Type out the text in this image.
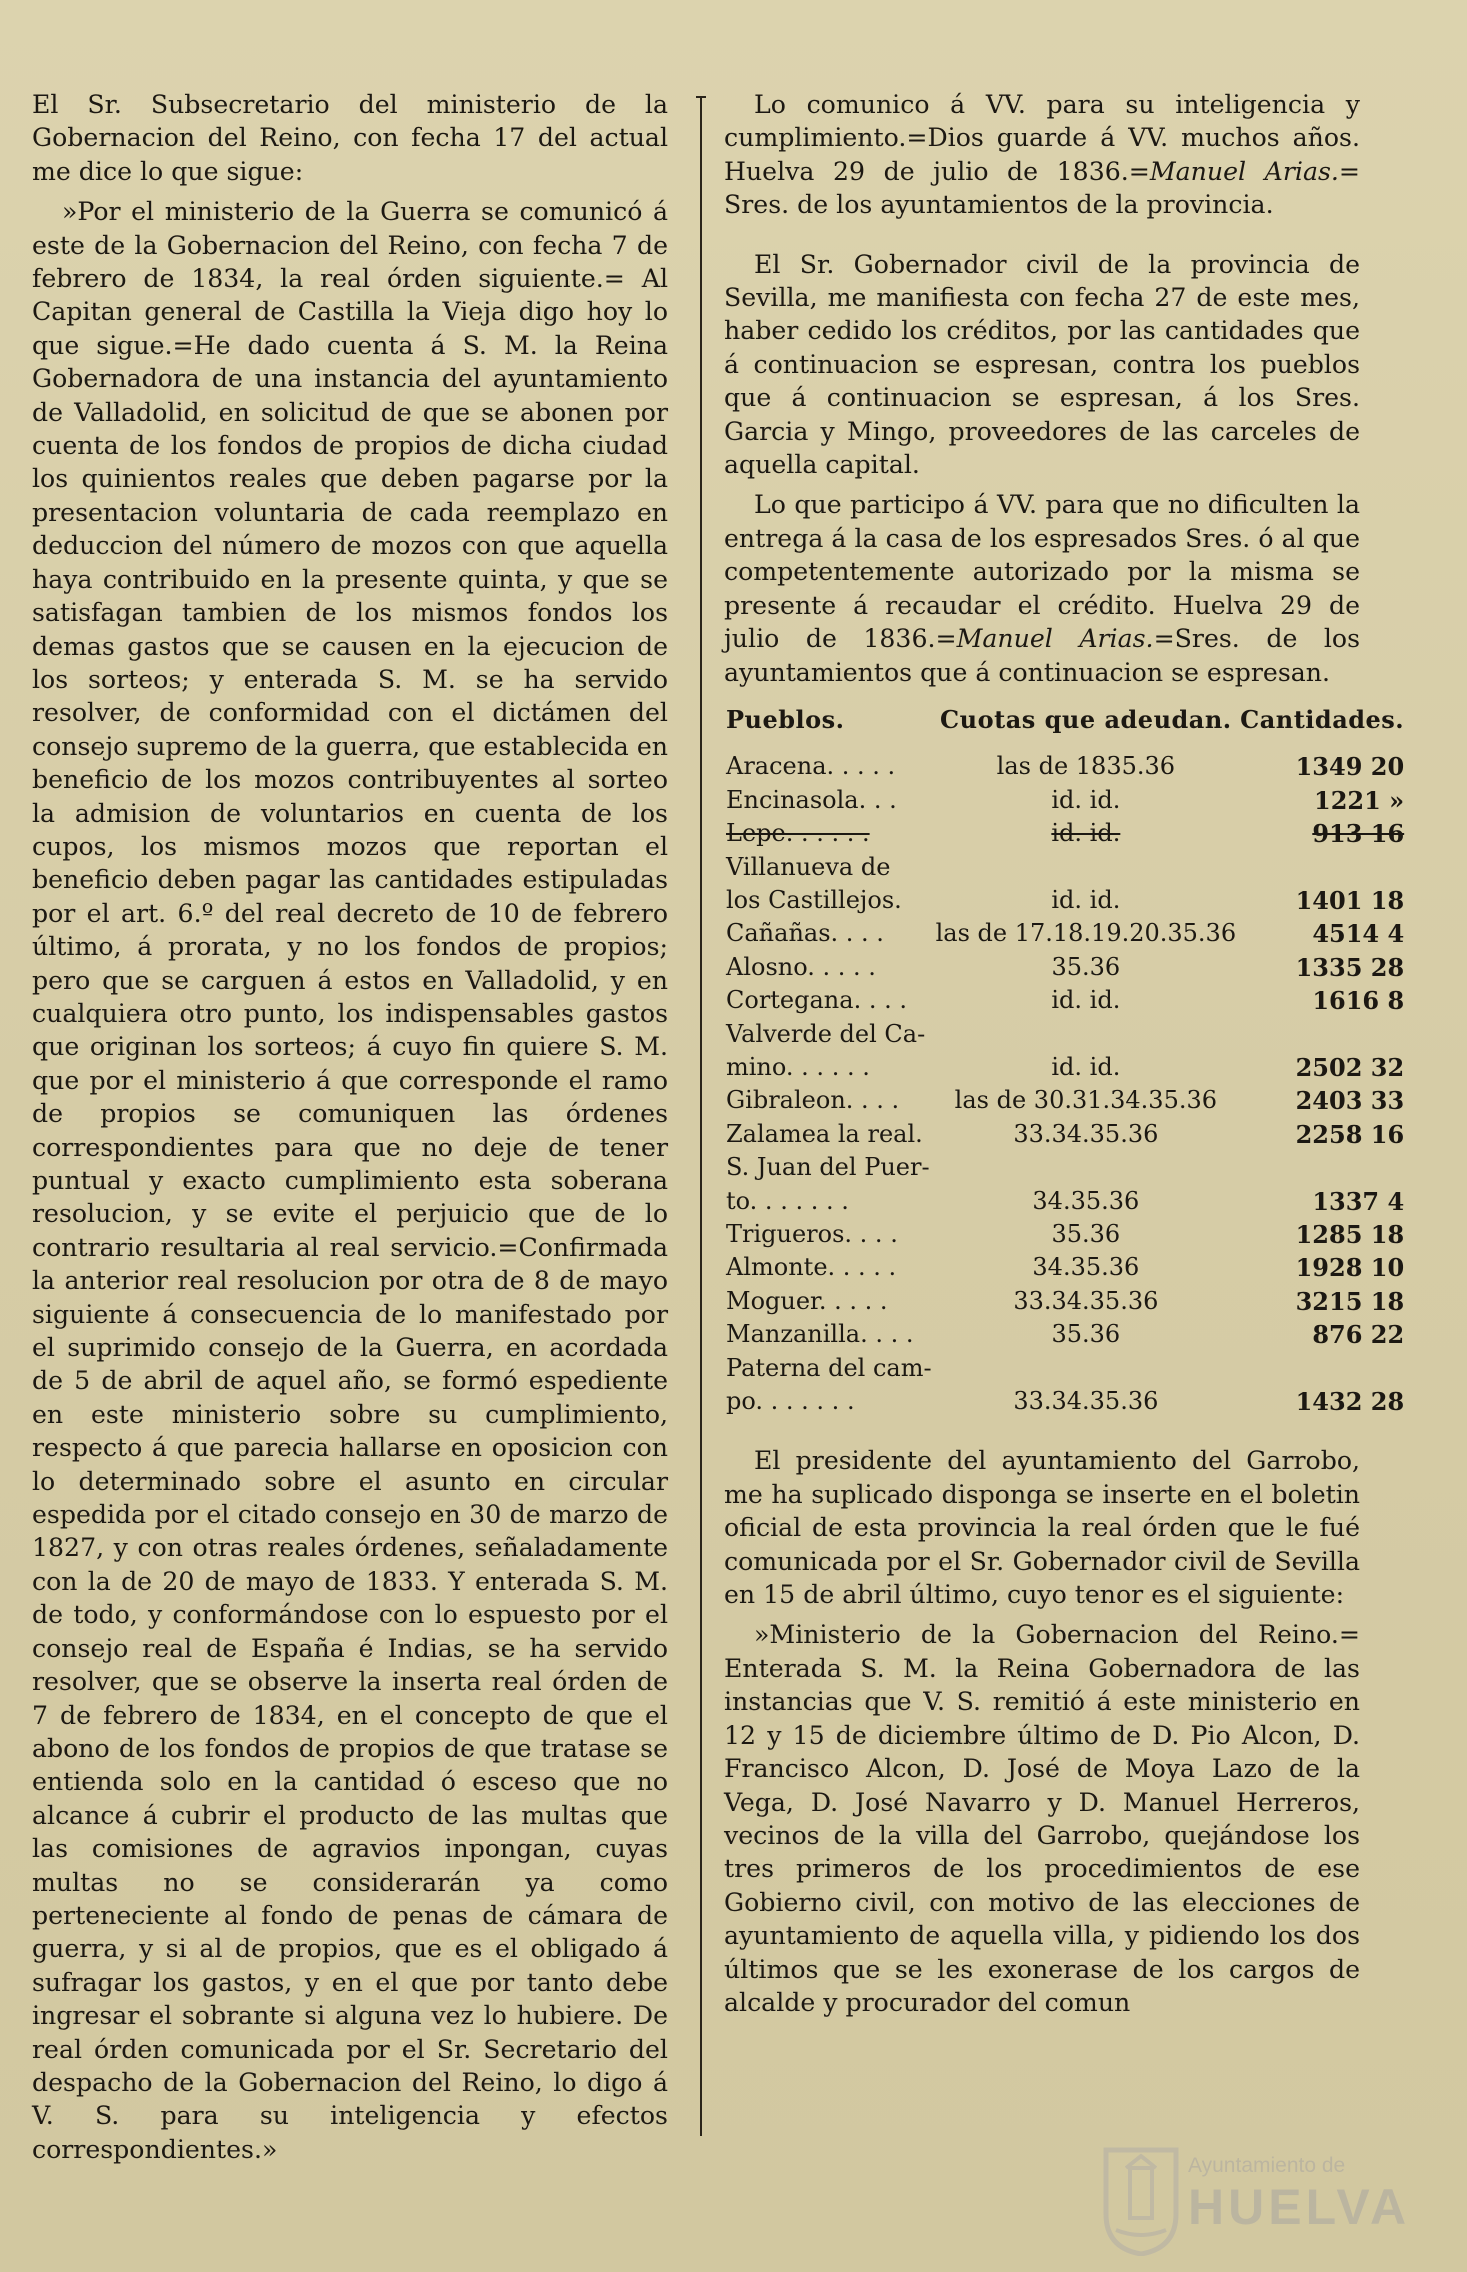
El Sr. Subsecretario del ministerio de la Gobernacion del Reino, con fecha 17 del actual me dice lo que sigue:

»Por el ministerio de la Guerra se comunicó á este de la Gobernacion del Reino, con fecha 7 de febrero de 1834, la real órden siguiente.= Al Capitan general de Castilla la Vieja digo hoy lo que sigue.=He dado cuenta á S. M. la Reina Gobernadora de una instancia del ayuntamiento de Valladolid, en solicitud de que se abonen por cuenta de los fondos de propios de dicha ciudad los quinientos reales que deben pagarse por la presentacion voluntaria de cada reemplazo en deduccion del número de mozos con que aquella haya contribuido en la presente quinta, y que se satisfagan tambien de los mismos fondos los demas gastos que se causen en la ejecucion de los sorteos; y enterada S. M. se ha servido resolver, de conformidad con el dictámen del consejo supremo de la guerra, que establecida en beneficio de los mozos contribuyentes al sorteo la admision de voluntarios en cuenta de los cupos, los mismos mozos que reportan el beneficio deben pagar las cantidades estipuladas por el art. 6.º del real decreto de 10 de febrero último, á prorata, y no los fondos de propios; pero que se carguen á estos en Valladolid, y en cualquiera otro punto, los indispensables gastos que originan los sorteos; á cuyo fin quiere S. M. que por el ministerio á que corresponde el ramo de propios se comuniquen las órdenes correspondientes para que no deje de tener puntual y exacto cumplimiento esta soberana resolucion, y se evite el perjuicio que de lo contrario resultaria al real servicio.=Confirmada la anterior real resolucion por otra de 8 de mayo siguiente á consecuencia de lo manifestado por el suprimido consejo de la Guerra, en acordada de 5 de abril de aquel año, se formó espediente en este ministerio sobre su cumplimiento, respecto á que parecia hallarse en oposicion con lo determinado sobre el asunto en circular espedida por el citado consejo en 30 de marzo de 1827, y con otras reales órdenes, señaladamente con la de 20 de mayo de 1833. Y enterada S. M. de todo, y conformándose con lo espuesto por el consejo real de España é Indias, se ha servido resolver, que se observe la inserta real órden de 7 de febrero de 1834, en el concepto de que el abono de los fondos de propios de que tratase se entienda solo en la cantidad ó esceso que no alcance á cubrir el producto de las multas que las comisiones de agravios inpongan, cuyas multas no se considerarán ya como perteneciente al fondo de penas de cámara de guerra, y si al de propios, que es el obligado á sufragar los gastos, y en el que por tanto debe ingresar el sobrante si alguna vez lo hubiere. De real órden comunicada por el Sr. Secretario del despacho de la Gobernacion del Reino, lo digo á V. S. para su inteligencia y efectos correspondientes.»

Lo comunico á VV. para su inteligencia y cumplimiento.=Dios guarde á VV. muchos años. Huelva 29 de julio de 1836.=Manuel Arias.= Sres. de los ayuntamientos de la provincia.

El Sr. Gobernador civil de la provincia de Sevilla, me manifiesta con fecha 27 de este mes, haber cedido los créditos, por las cantidades que á continuacion se espresan, contra los pueblos que á continuacion se espresan, á los Sres. Garcia y Mingo, proveedores de las carceles de aquella capital.

Lo que participo á VV. para que no dificulten la entrega á la casa de los espresados Sres. ó al que competentemente autorizado por la misma se presente á recaudar el crédito. Huelva 29 de julio de 1836.=Manuel Arias.=Sres. de los ayuntamientos que á continuacion se espresan.

Pueblos.	Cuotas que adeudan.	Cantidades.
Aracena. . . . .	las de 1835.36	1349 20
Encinasola. . .	id. id.	1221 »
Lepe. . . . . .	id. id.	913 16
Villanueva de		
los Castillejos.	id. id.	1401 18
Cañañas. . . .	las de 17.18.19.20.35.36	4514 4
Alosno. . . . .	35.36	1335 28
Cortegana. . . .	id. id.	1616 8
Valverde del Ca-		
mino. . . . . .	id. id.	2502 32
Gibraleon. . . .	las de 30.31.34.35.36	2403 33
Zalamea la real.	33.34.35.36	2258 16
S. Juan del Puer-		
to. . . . . . .	34.35.36	1337 4
Trigueros. . . .	35.36	1285 18
Almonte. . . . .	34.35.36	1928 10
Moguer. . . . .	33.34.35.36	3215 18
Manzanilla. . . .	35.36	876 22
Paterna del cam-		
po. . . . . . .	33.34.35.36	1432 28

El presidente del ayuntamiento del Garrobo, me ha suplicado disponga se inserte en el boletin oficial de esta provincia la real órden que le fué comunicada por el Sr. Gobernador civil de Sevilla en 15 de abril último, cuyo tenor es el siguiente:

»Ministerio de la Gobernacion del Reino.= Enterada S. M. la Reina Gobernadora de las instancias que V. S. remitió á este ministerio en 12 y 15 de diciembre último de D. Pio Alcon, D. Francisco Alcon, D. José de Moya Lazo de la Vega, D. José Navarro y D. Manuel Herreros, vecinos de la villa del Garrobo, quejándose los tres primeros de los procedimientos de ese Gobierno civil, con motivo de las elecciones de ayuntamiento de aquella villa, y pidiendo los dos últimos que se les exonerase de los cargos de alcalde y procurador del comun

Ayuntamiento de
HUELVA
